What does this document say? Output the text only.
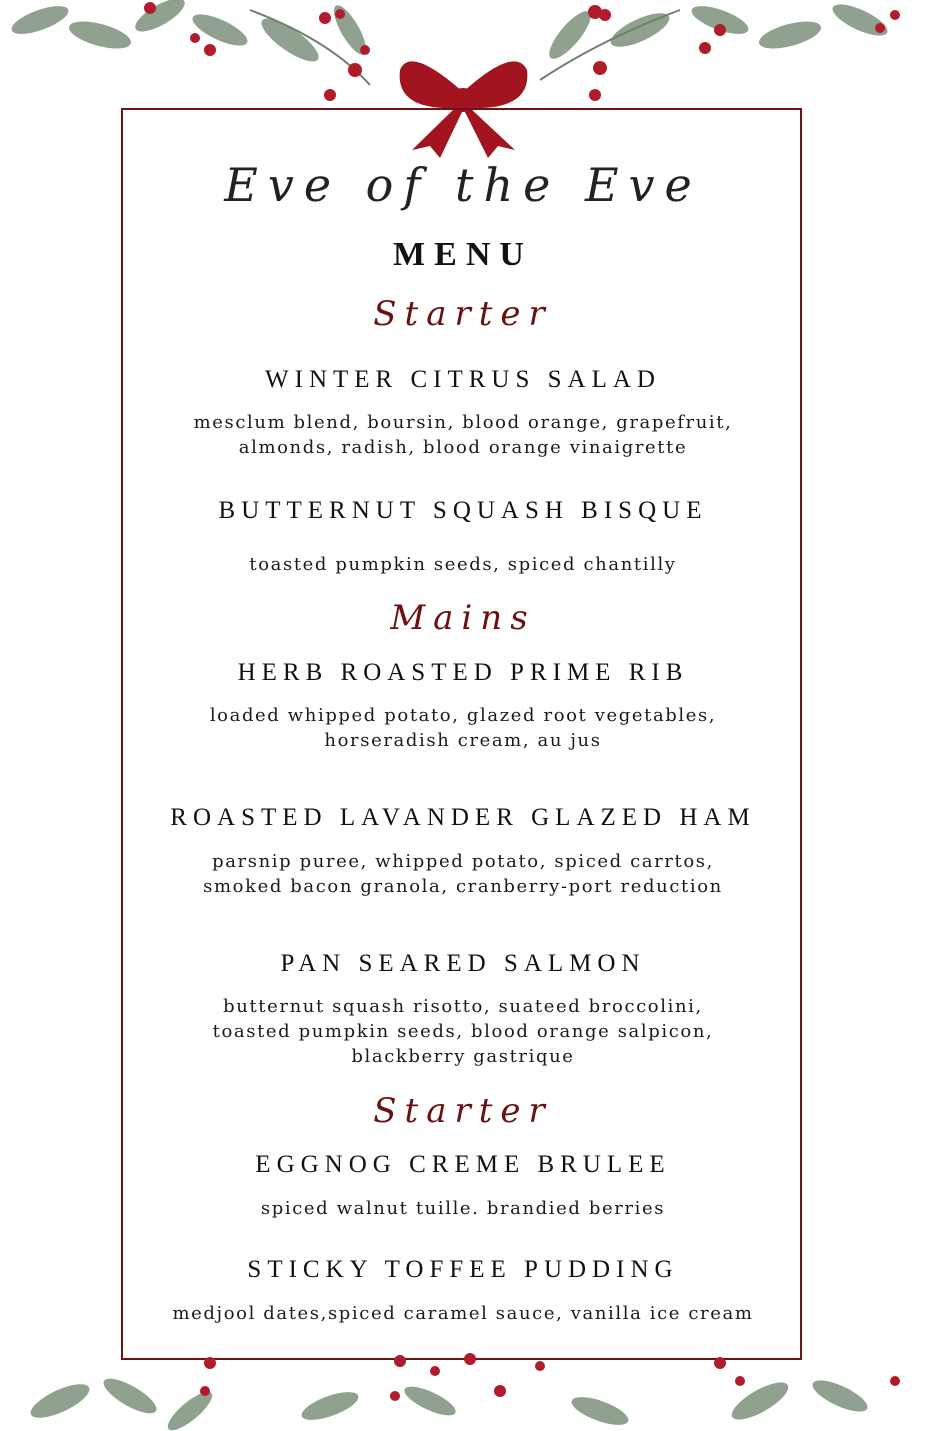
Eve of the Eve
MENU
Starter
WINTER CITRUS SALAD
mesclum blend, boursin, blood orange, grapefruit,
almonds, radish, blood orange vinaigrette
BUTTERNUT SQUASH BISQUE
toasted pumpkin seeds, spiced chantilly
Mains
HERB ROASTED PRIME RIB
loaded whipped potato, glazed root vegetables,
horseradish cream, au jus
ROASTED LAVANDER GLAZED HAM
parsnip puree, whipped potato, spiced carrtos,
smoked bacon granola, cranberry-port reduction
PAN SEARED SALMON
butternut squash risotto, suateed broccolini,
toasted pumpkin seeds, blood orange salpicon,
blackberry gastrique
Starter
EGGNOG CREME BRULEE
spiced walnut tuille. brandied berries
STICKY TOFFEE PUDDING
medjool dates,spiced caramel sauce, vanilla ice cream
